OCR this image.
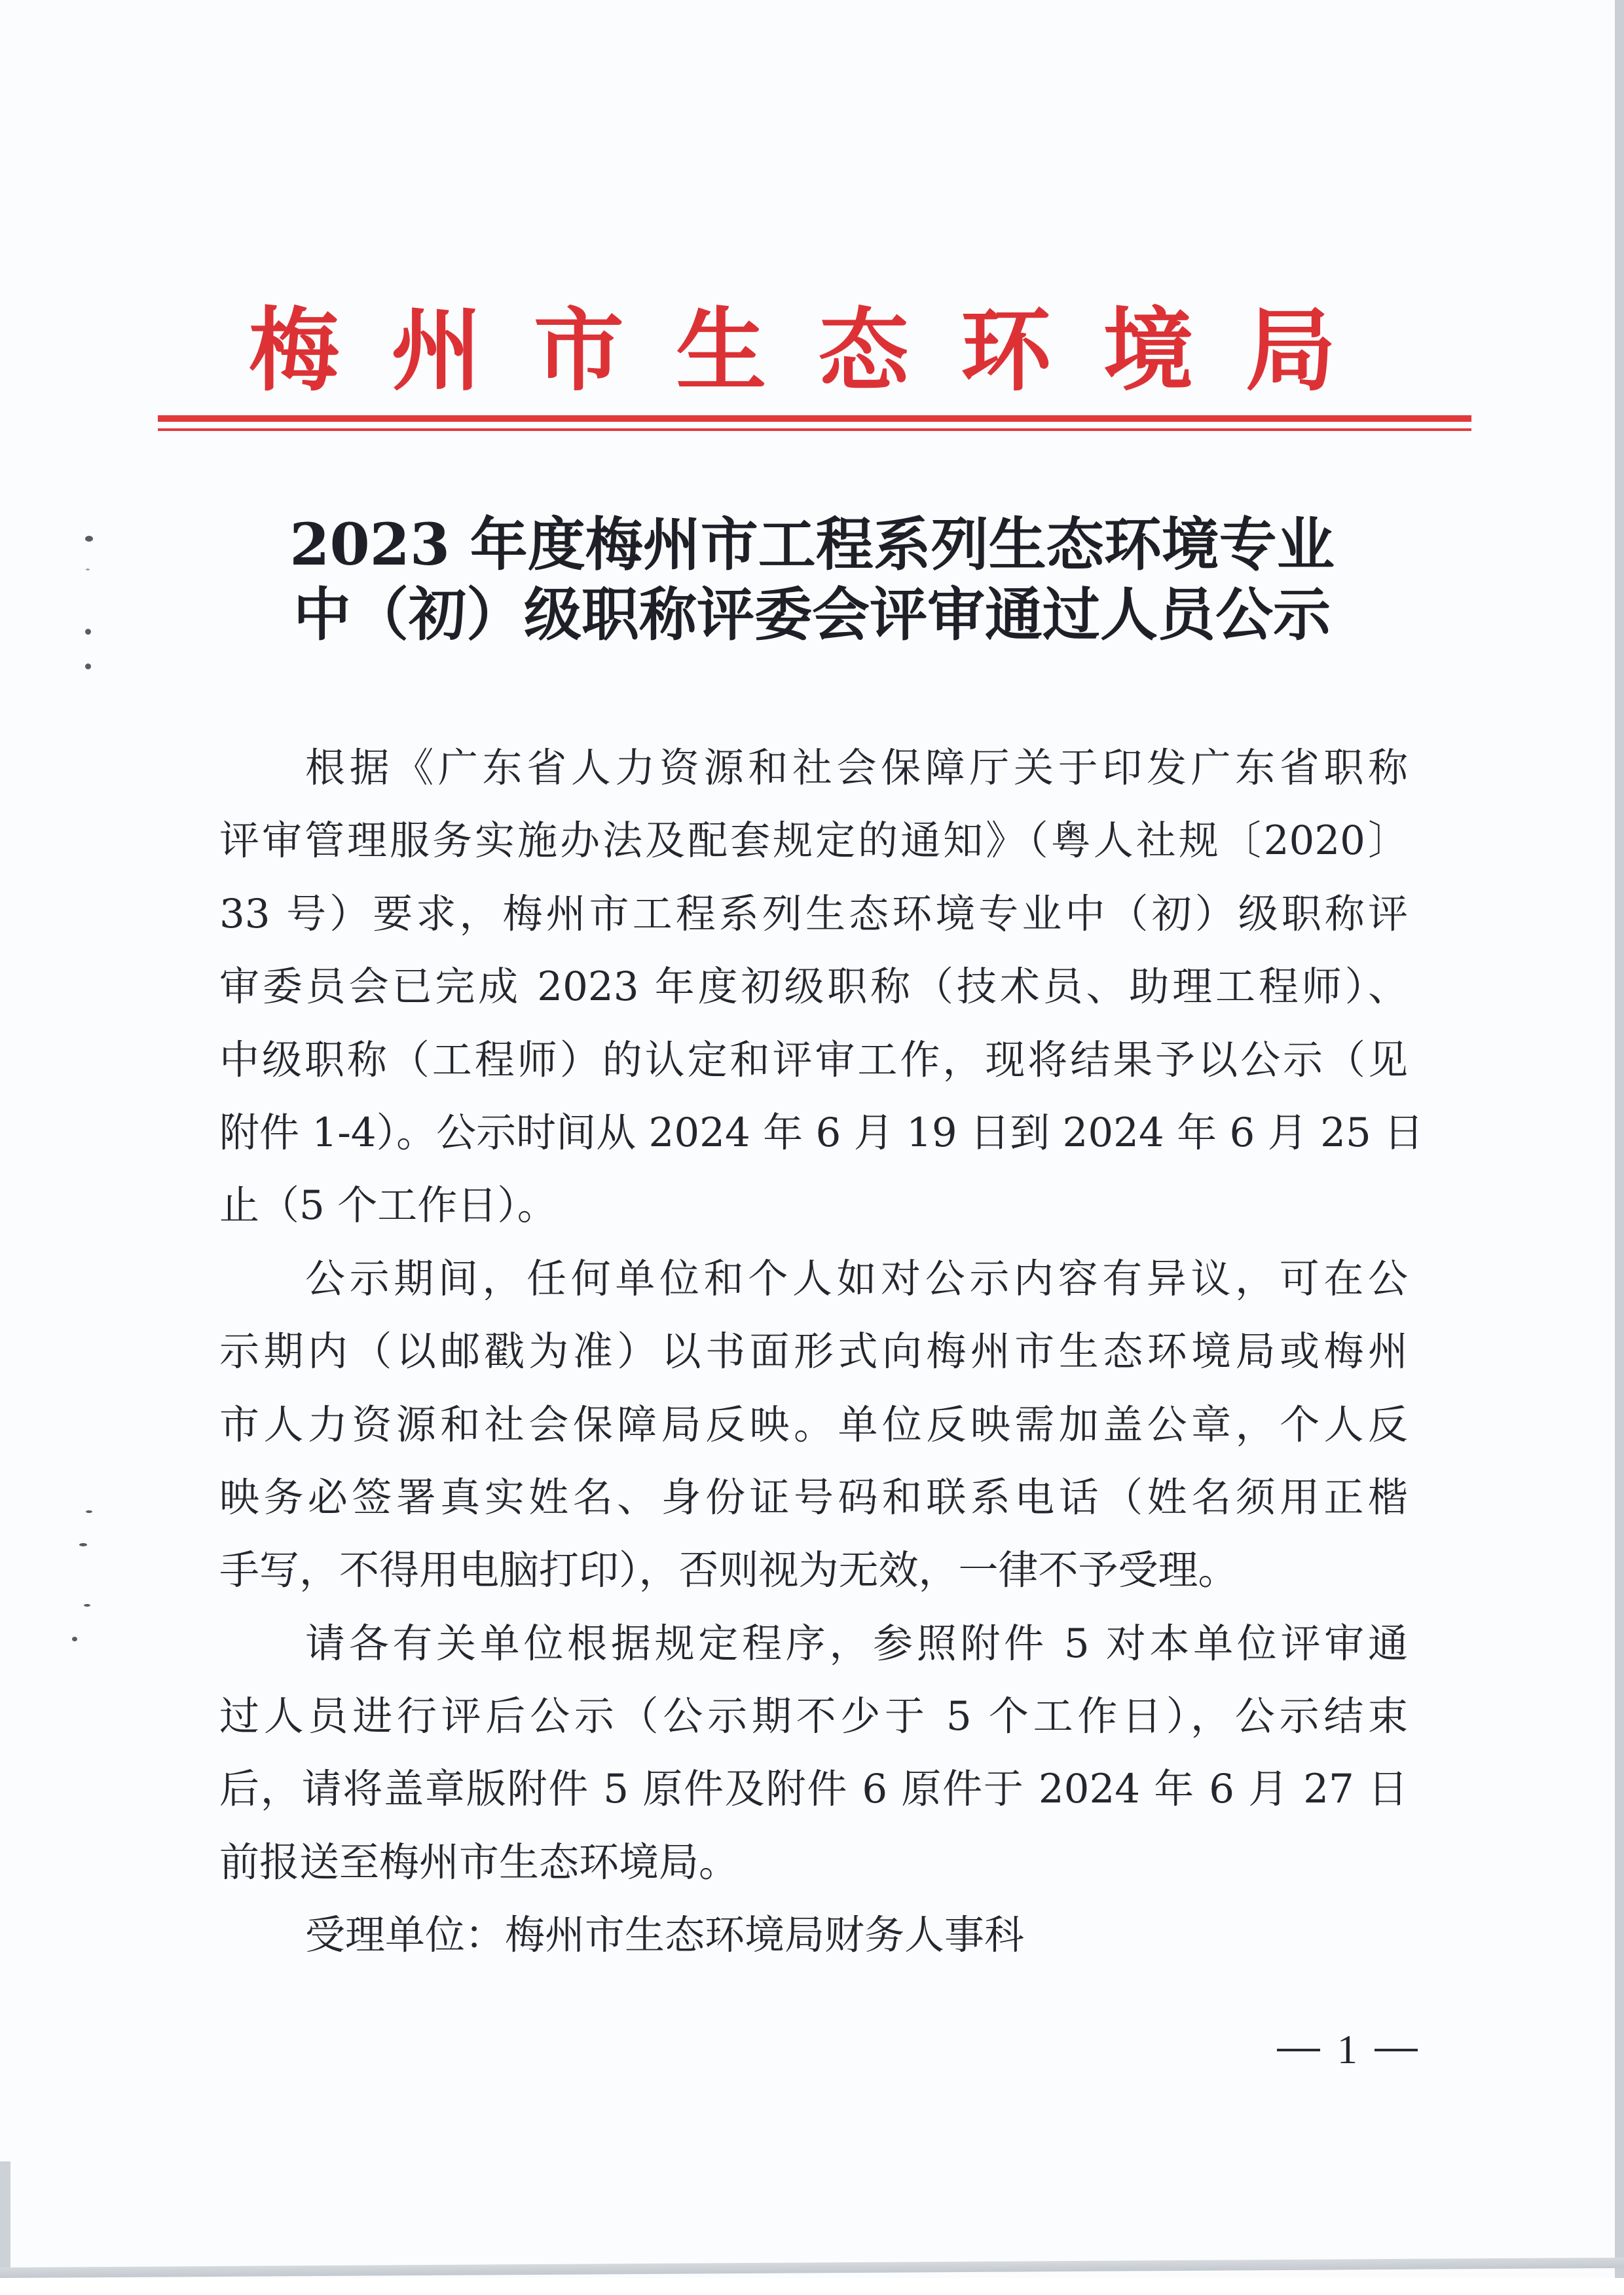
梅 州 市 生 态 环 境 局
2023 年度梅州市工程系列生态环境专业
中（初）级职称评委会评审通过人员公示
根据《广东省人力资源和社会保障厅关于印发广东省职称
评审管理服务实施办法及配套规定的通知》（粤人社规〔2020〕
33 号）要求，梅州市工程系列生态环境专业中（初）级职称评
审委员会已完成 2023 年度初级职称（技术员、助理工程师）、
中级职称（工程师）的认定和评审工作，现将结果予以公示（见
附件 1-4）。公示时间从 2024 年 6 月 19 日到 2024 年 6 月 25 日
止（5 个工作日）。
公示期间，任何单位和个人如对公示内容有异议，可在公
示期内（以邮戳为准）以书面形式向梅州市生态环境局或梅州
市人力资源和社会保障局反映。单位反映需加盖公章，个人反
映务必签署真实姓名、身份证号码和联系电话（姓名须用正楷
手写，不得用电脑打印），否则视为无效，一律不予受理。
请各有关单位根据规定程序，参照附件 5 对本单位评审通
过人员进行评后公示（公示期不少于 5 个工作日），公示结束
后，请将盖章版附件 5 原件及附件 6 原件于 2024 年 6 月 27 日
前报送至梅州市生态环境局。
受理单位：梅州市生态环境局财务人事科
1
